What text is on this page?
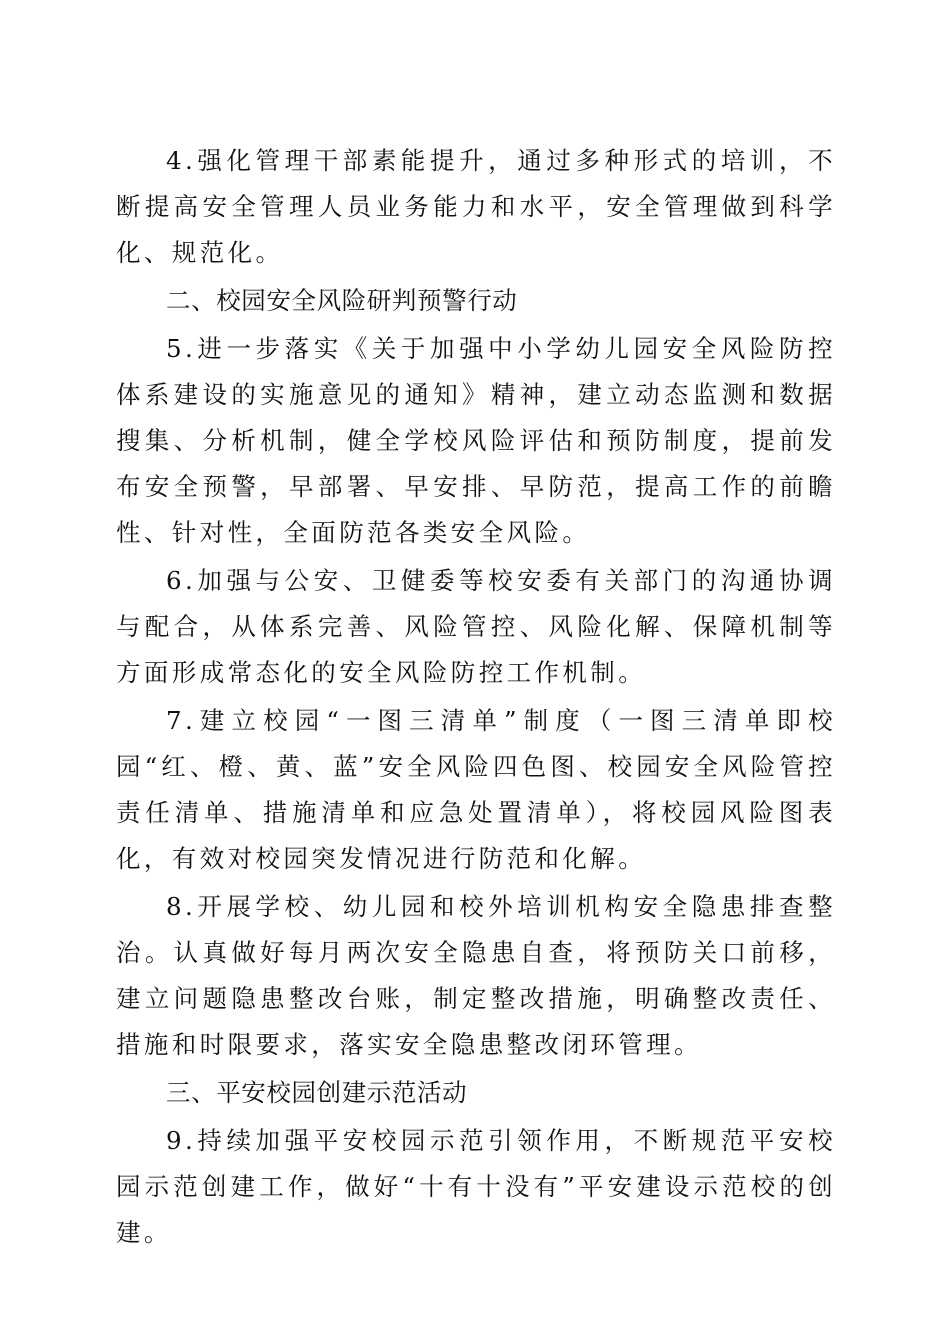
4.强化管理干部素能提升，通过多种形式的培训，不断提高安全管理人员业务能力和水平，安全管理做到科学化、规范化。

二、校园安全风险研判预警行动

5.进一步落实《关于加强中小学幼儿园安全风险防控体系建设的实施意见的通知》精神，建立动态监测和数据搜集、分析机制，健全学校风险评估和预防制度，提前发布安全预警，早部署、早安排、早防范，提高工作的前瞻性、针对性，全面防范各类安全风险。

6.加强与公安、卫健委等校安委有关部门的沟通协调与配合，从体系完善、风险管控、风险化解、保障机制等方面形成常态化的安全风险防控工作机制。

7.建立校园“一图三清单”制度（一图三清单即校园“红、橙、黄、蓝”安全风险四色图、校园安全风险管控责任清单、措施清单和应急处置清单），将校园风险图表化，有效对校园突发情况进行防范和化解。

8.开展学校、幼儿园和校外培训机构安全隐患排查整治。认真做好每月两次安全隐患自查，将预防关口前移，建立问题隐患整改台账，制定整改措施，明确整改责任、措施和时限要求，落实安全隐患整改闭环管理。

三、平安校园创建示范活动

9.持续加强平安校园示范引领作用，不断规范平安校园示范创建工作，做好“十有十没有”平安建设示范校的创建。
